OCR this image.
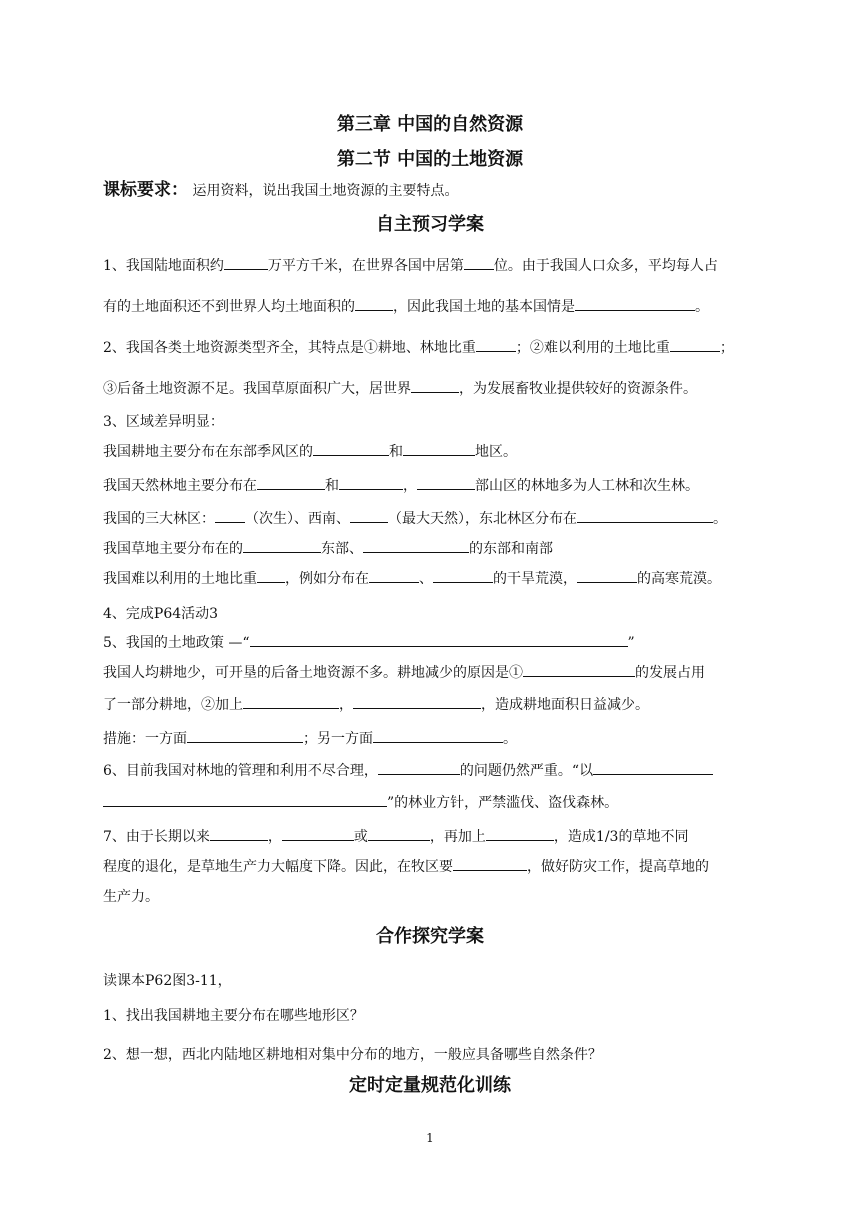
第三章 中国的自然资源
第二节 中国的土地资源
课标要求： 运用资料，说出我国土地资源的主要特点。
自主预习学案
1、我国陆地面积约	万平方千米，在世界各国中居第 位。由于我国人口众多，平均每人占
有的土地面积还不到世界人均土地面积的	，因此我国土地的基本国情是	。
2、我国各类土地资源类型齐全，其特点是①耕地、林地比重	；②难以利用的土地比重	；
③后备土地资源不足。我国草原面积广大，居世界	，为发展畜牧业提供较好的资源条件。
3、区域差异明显：
我国耕地主要分布在东部季风区的	和	地区。
我国天然林地主要分布在	和	，	部山区的林地多为人工林和次生林。
我国的三大林区： （次生）、西南、	（最大天然），东北林区分布在	。
我国草地主要分布在的	东部、	的东部和南部
我国难以利用的土地比重 ，例如分布在	、	的干旱荒漠，	的高寒荒漠。
4、完成P64活动3
5、我国的土地政策 —“	”
我国人均耕地少，可开垦的后备土地资源不多。耕地减少的原因是①	的发展占用
了一部分耕地，②加上	，	，造成耕地面积日益减少。
措施：一方面	；另一方面	。
6、目前我国对林地的管理和利用不尽合理，	的问题仍然严重。“以
”的林业方针，严禁滥伐、盗伐森林。
7、由于长期以来	，	或	，再加上	，造成1/3的草地不同
程度的退化，是草地生产力大幅度下降。因此，在牧区要	，做好防灾工作，提高草地的
生产力。
合作探究学案
读课本P62图3-11，
1、找出我国耕地主要分布在哪些地形区？
2、想一想，西北内陆地区耕地相对集中分布的地方，一般应具备哪些自然条件？
定时定量规范化训练
1
